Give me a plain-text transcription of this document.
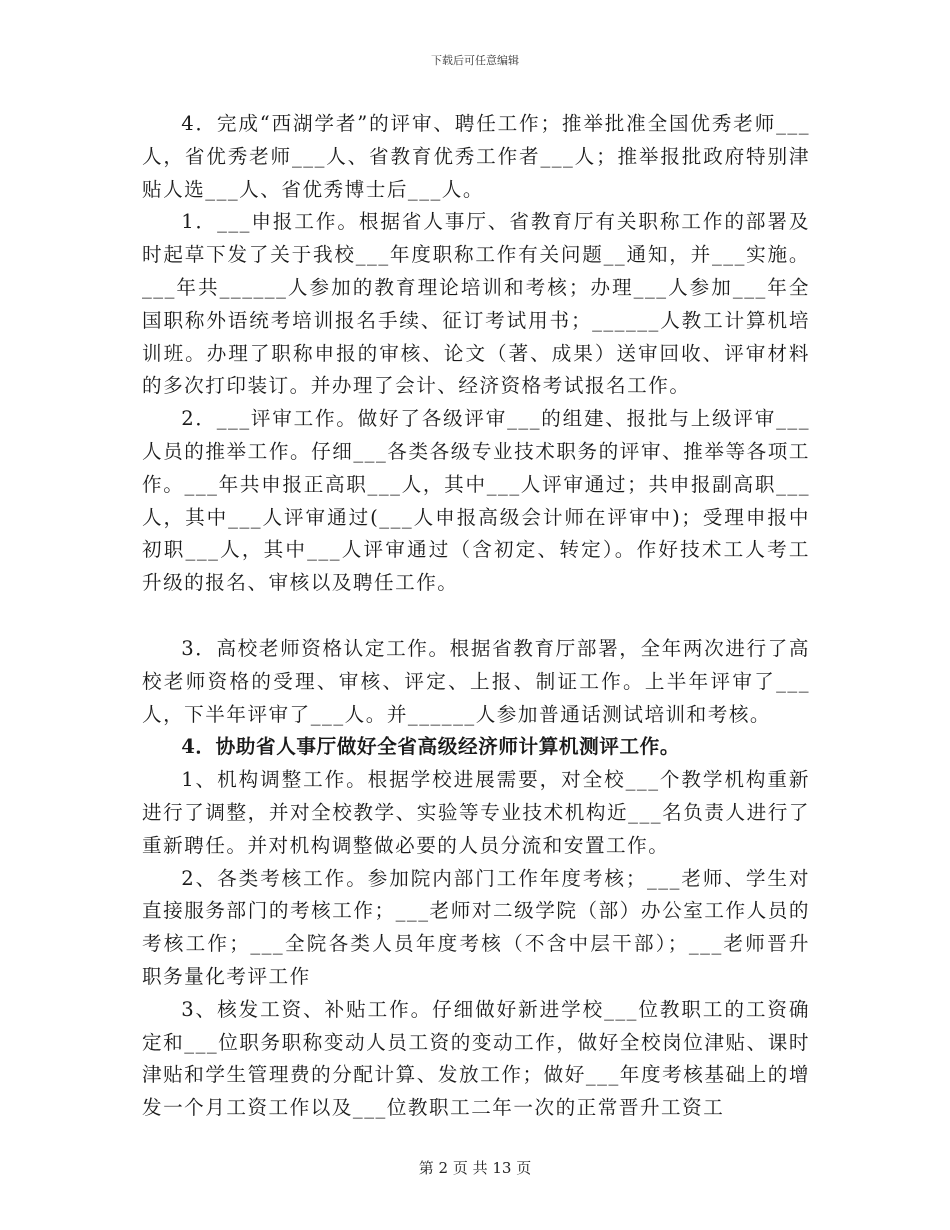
下载后可任意编辑

4．完成“西湖学者”的评审、聘任工作；推举批准全国优秀老师___人，省优秀老师___人、省教育优秀工作者___人；推举报批政府特别津贴人选___人、省优秀博士后___人。

1．___申报工作。根据省人事厅、省教育厅有关职称工作的部署及时起草下发了关于我校___年度职称工作有关问题__通知，并___实施。___年共______人参加的教育理论培训和考核；办理___人参加___年全国职称外语统考培训报名手续、征订考试用书；______人教工计算机培训班。办理了职称申报的审核、论文（著、成果）送审回收、评审材料的多次打印装订。并办理了会计、经济资格考试报名工作。

2．___评审工作。做好了各级评审___的组建、报批与上级评审___人员的推举工作。仔细___各类各级专业技术职务的评审、推举等各项工作。___年共申报正高职___人，其中___人评审通过；共申报副高职___人，其中___人评审通过(___人申报高级会计师在评审中)；受理申报中初职___人，其中___人评审通过（含初定、转定）。作好技术工人考工升级的报名、审核以及聘任工作。

3．高校老师资格认定工作。根据省教育厅部署，全年两次进行了高校老师资格的受理、审核、评定、上报、制证工作。上半年评审了___人，下半年评审了___人。并______人参加普通话测试培训和考核。

4．协助省人事厅做好全省高级经济师计算机测评工作。

1、机构调整工作。根据学校进展需要，对全校___个教学机构重新进行了调整，并对全校教学、实验等专业技术机构近___名负责人进行了重新聘任。并对机构调整做必要的人员分流和安置工作。

2、各类考核工作。参加院内部门工作年度考核；___老师、学生对直接服务部门的考核工作；___老师对二级学院（部）办公室工作人员的考核工作；___全院各类人员年度考核（不含中层干部）；___老师晋升职务量化考评工作

3、核发工资、补贴工作。仔细做好新进学校___位教职工的工资确定和___位职务职称变动人员工资的变动工作，做好全校岗位津贴、课时津贴和学生管理费的分配计算、发放工作；做好___年度考核基础上的增发一个月工资工作以及___位教职工二年一次的正常晋升工资工

第 2 页 共 13 页
